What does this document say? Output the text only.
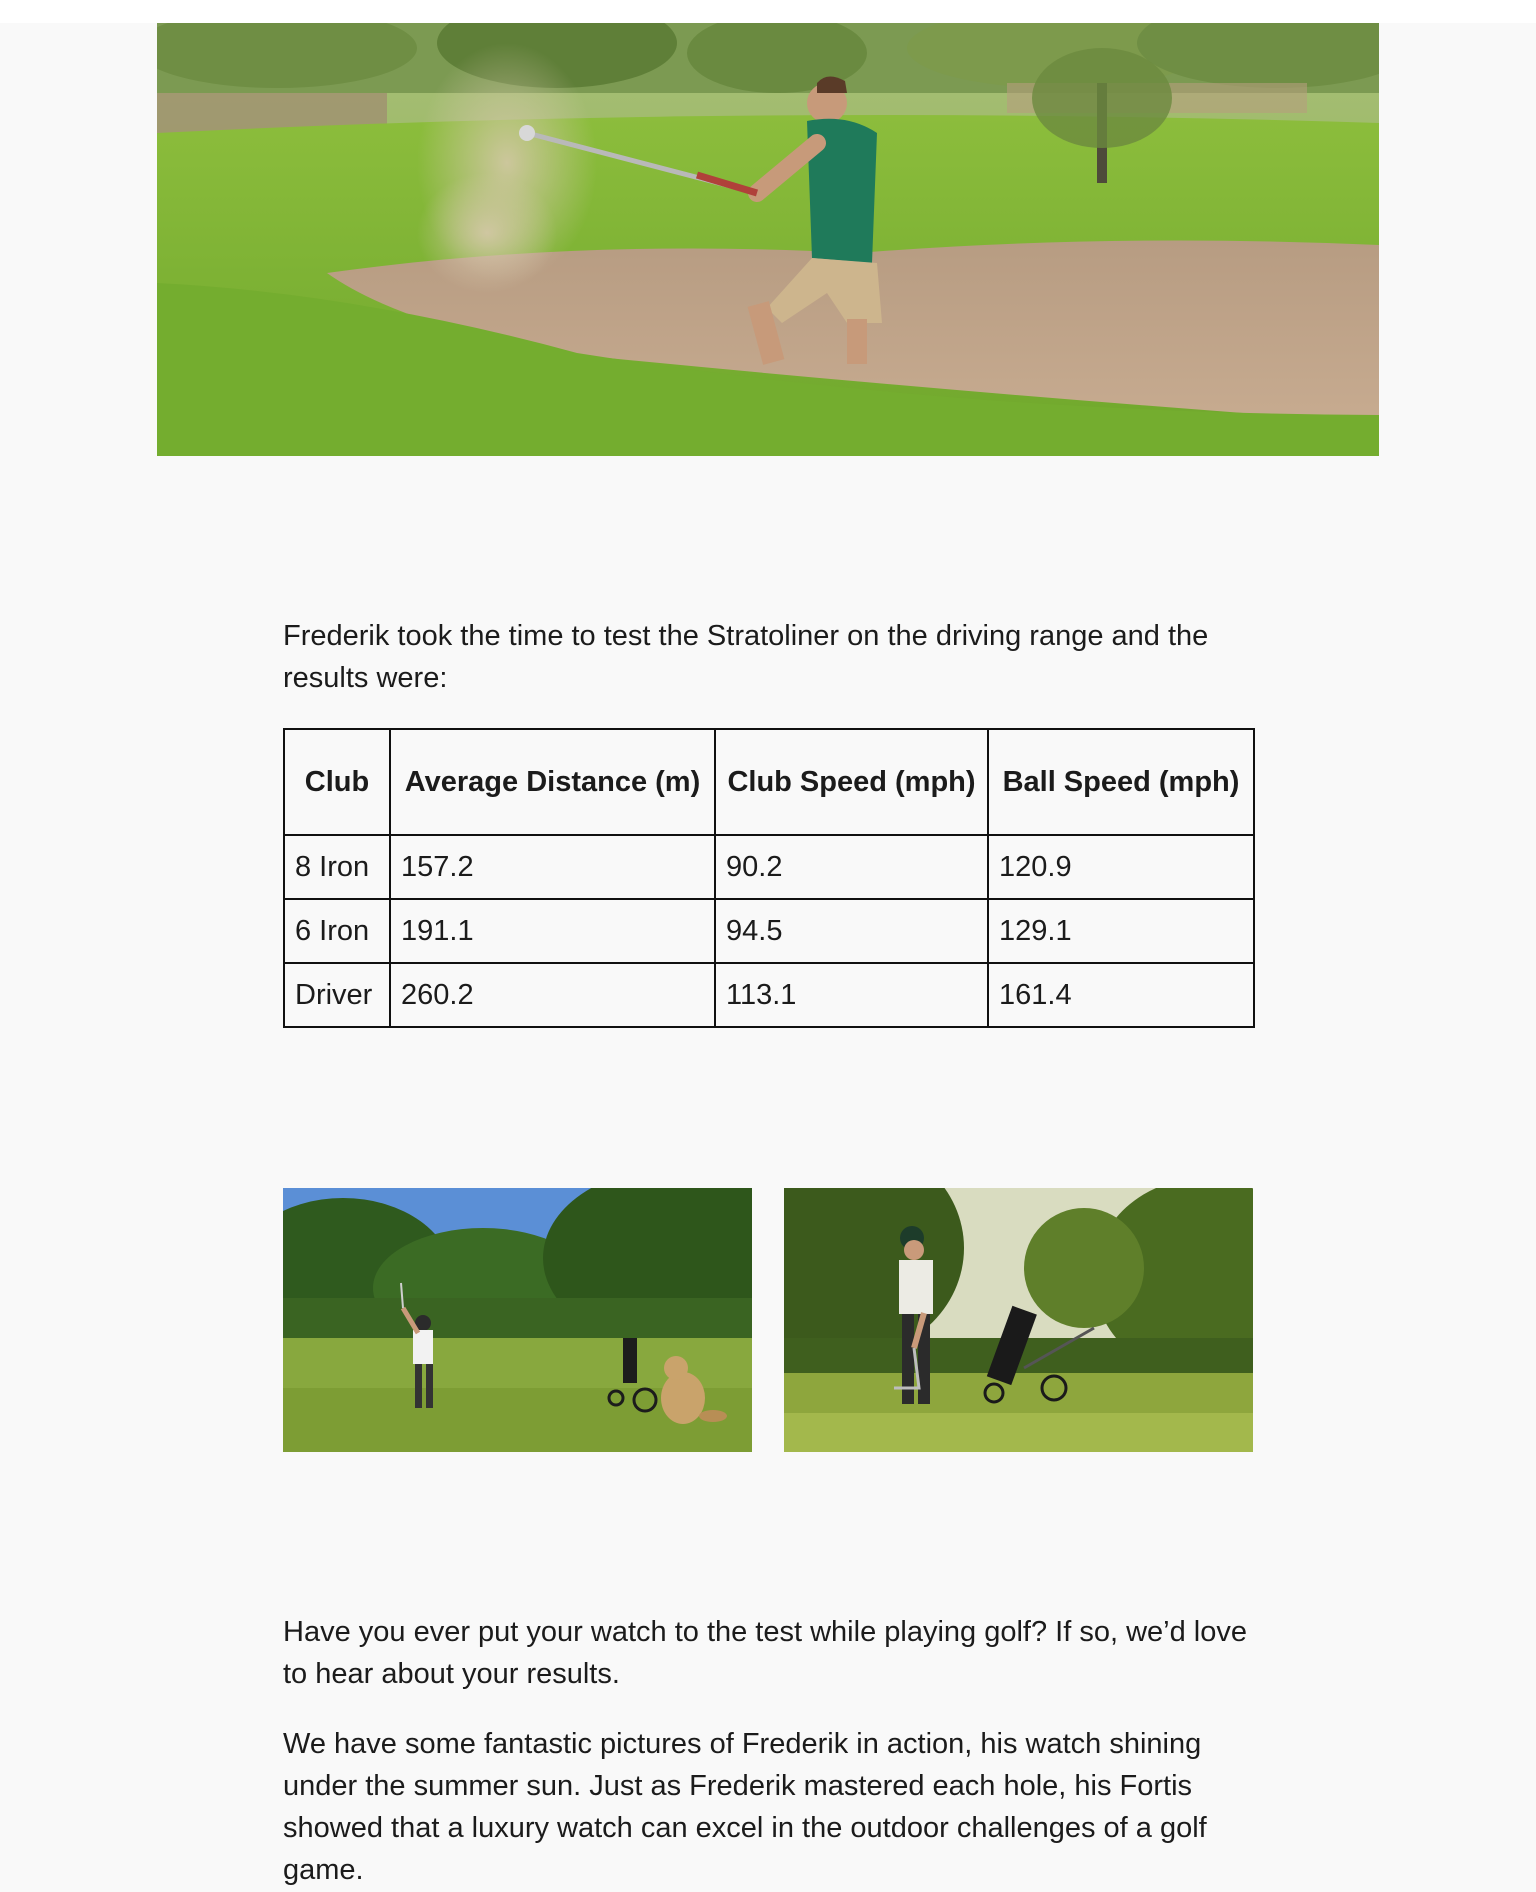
Frederik took the time to test the Stratoliner on the driving range and the results were:

Club	Average Distance (m)	Club Speed (mph)	Ball Speed (mph)
8 Iron	157.2	90.2	120.9
6 Iron	191.1	94.5	129.1
Driver	260.2	113.1	161.4

Have you ever put your watch to the test while playing golf? If so, we’d love to hear about your results.

We have some fantastic pictures of Frederik in action, his watch shining under the summer sun. Just as Frederik mastered each hole, his Fortis showed that a luxury watch can excel in the outdoor challenges of a golf game.
